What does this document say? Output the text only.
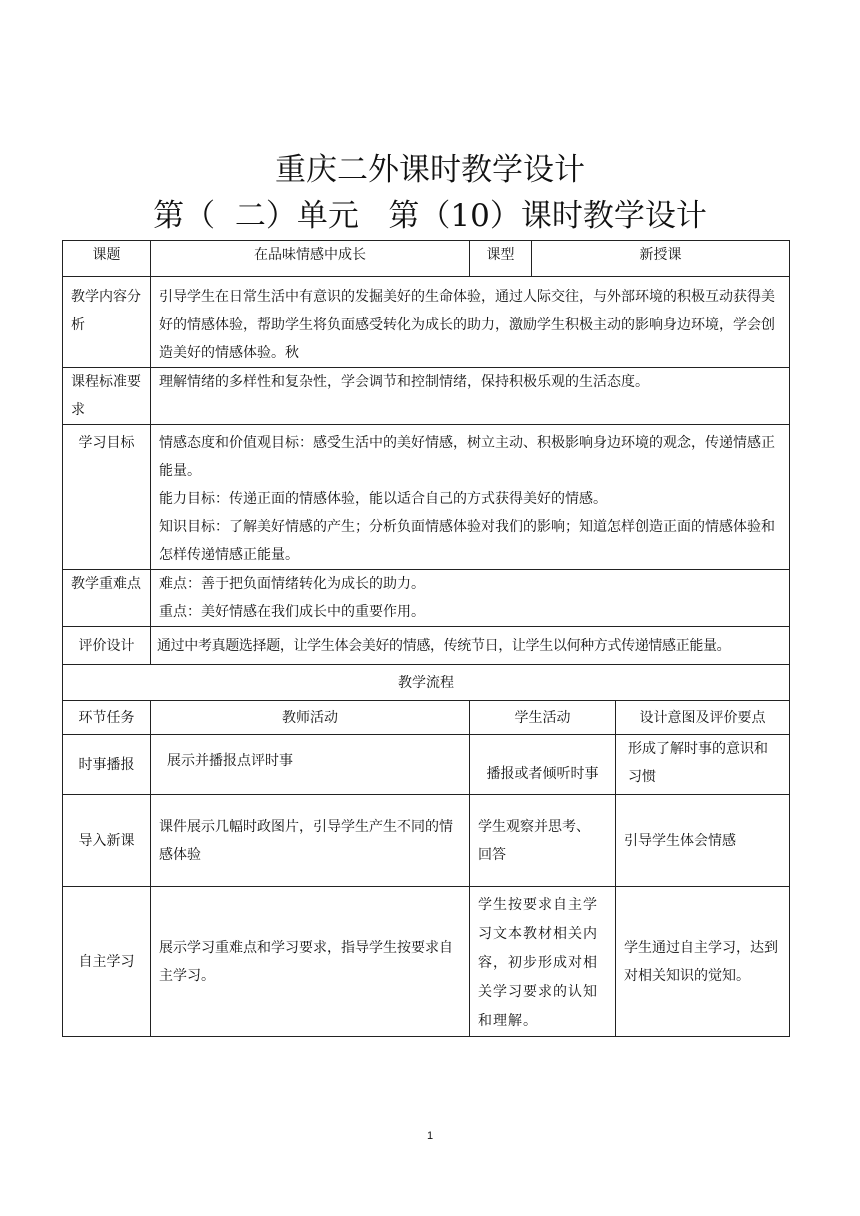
重庆二外课时教学设计
第（  二）单元   第（10）课时教学设计
课题	在品味情感中成长	课型	新授课	
教学内容分析	引导学生在日常生活中有意识的发掘美好的生命体验，通过人际交往，与外部环境的积极互动获得美好的情感体验，帮助学生将负面感受转化为成长的助力，激励学生积极主动的影响身边环境，学会创造美好的情感体验。秋			
课程标准要求	理解情绪的多样性和复杂性，学会调节和控制情绪，保持积极乐观的生活态度。			
学习目标	情感态度和价值观目标：感受生活中的美好情感，树立主动、积极影响身边环境的观念，传递情感正能量。
能力目标：传递正面的情感体验，能以适合自己的方式获得美好的情感。
知识目标：了解美好情感的产生；分析负面情感体验对我们的影响；知道怎样创造正面的情感体验和怎样传递情感正能量。			

教学重难点	难点：善于把负面情绪转化为成长的助力。
重点：美好情感在我们成长中的重要作用。			

评价设计	通过中考真题选择题，让学生体会美好的情感，传统节日，让学生以何种方式传递情感正能量。			
教学流程				
环节任务	教师活动	学生活动		设计意图及评价要点
时事播报	展示并播报点评时事	播报或者倾听时事		形成了解时事的意识和习惯
导入新课	课件展示几幅时政图片，引导学生产生不同的情感体验	学生观察并思考、回答		引导学生体会情感
自主学习	展示学习重难点和学习要求，指导学生按要求自主学习。	学生按要求自主学习文本教材相关内容，初步形成对相关学习要求的认知和理解。		学生通过自主学习，达到对相关知识的觉知。
1
